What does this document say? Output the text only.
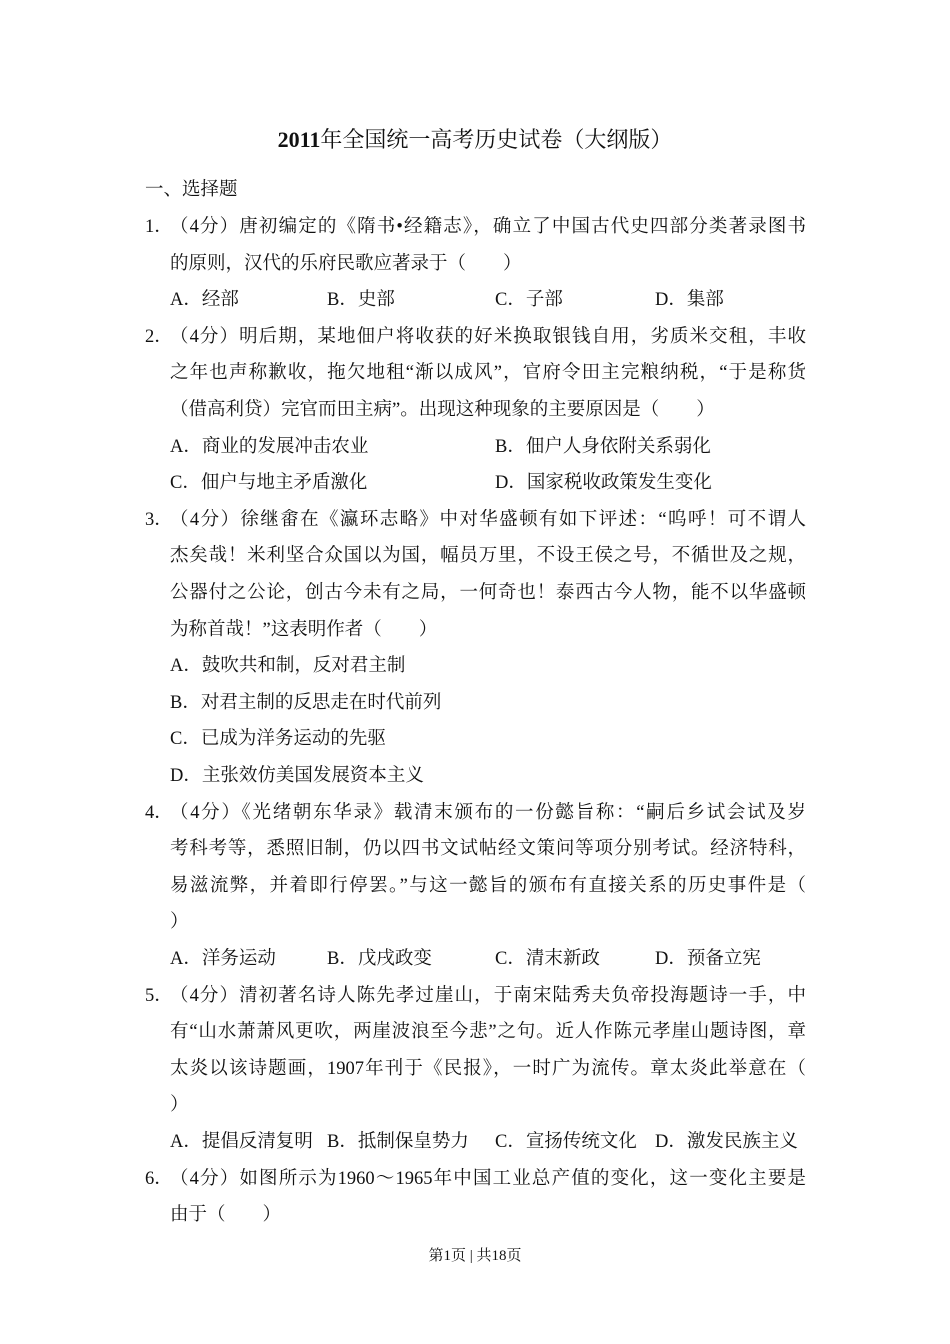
2011年全国统一高考历史试卷（大纲版）
一、选择题
1．
（4分）唐初编定的《隋书•经籍志》，确立了中国古代史四部分类著录图书
的原则，汉代的乐府民歌应著录于（　　）
A．经部	B．史部	C．子部	D．集部
2．
（4分）明后期，某地佃户将收获的好米换取银钱自用，劣质米交租，丰收
之年也声称歉收，拖欠地租“渐以成风”，官府令田主完粮纳税，“于是称货
（借高利贷）完官而田主病”。出现这种现象的主要原因是（　　）
A．商业的发展冲击农业	B．佃户人身依附关系弱化
C．佃户与地主矛盾激化	D．国家税收政策发生变化
3．
（4分）徐继畬在《瀛环志略》中对华盛顿有如下评述：“呜呼！可不谓人
杰矣哉！米利坚合众国以为国，幅员万里，不设王侯之号，不循世及之规，
公器付之公论，创古今未有之局，一何奇也！泰西古今人物，能不以华盛顿
为称首哉！”这表明作者（　　）
A．鼓吹共和制，反对君主制
B．对君主制的反思走在时代前列
C．已成为洋务运动的先驱
D．主张效仿美国发展资本主义
4．
（4分）《光绪朝东华录》载清末颁布的一份懿旨称：“嗣后乡试会试及岁
考科考等，悉照旧制，仍以四书文试帖经文策问等项分别考试。经济特科，
易滋流弊，并着即行停罢。”与这一懿旨的颁布有直接关系的历史事件是（
）
A．洋务运动	B．戊戌政变	C．清末新政	D．预备立宪
5．
（4分）清初著名诗人陈先孝过崖山，于南宋陆秀夫负帝投海题诗一手，中
有“山水萧萧风更吹，两崖波浪至今悲”之句。近人作陈元孝崖山题诗图，章
太炎以该诗题画，1907年刊于《民报》，一时广为流传。章太炎此举意在（
）
A．提倡反清复明 B．抵制保皇势力 C．宣扬传统文化 D．激发民族主义
6．
（4分）如图所示为1960～1965年中国工业总产值的变化，这一变化主要是
由于（　　）
第1页 | 共18页
